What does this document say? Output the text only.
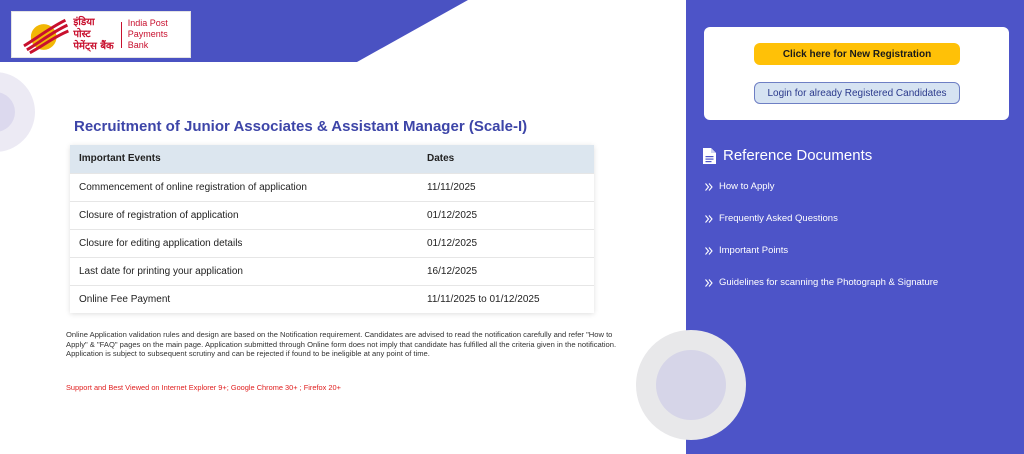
इंडिया पोस्ट
पेमेंट्स बैंक
India Post
Payments Bank
Recruitment of Junior Associates & Assistant Manager (Scale-I)
Important Events	Dates
Commencement of online registration of application	11/11/2025
Closure of registration of application	01/12/2025
Closure for editing application details	01/12/2025
Last date for printing your application	16/12/2025
Online Fee Payment	11/11/2025 to 01/12/2025

Online Application validation rules and design are based on the Notification requirement. Candidates are advised to read the notification carefully and refer "How to Apply" & "FAQ" pages on the main page. Application submitted through Online form does not imply that candidate has fulfilled all the criteria given in the notification. Application is subject to subsequent scrutiny and can be rejected if found to be ineligible at any point of time.

Support and Best Viewed on Internet Explorer 9+; Google Chrome 30+ ; Firefox 20+

Click here for New Registration
Login for already Registered Candidates
Reference Documents
How to Apply
Frequently Asked Questions
Important Points
Guidelines for scanning the Photograph & Signature
